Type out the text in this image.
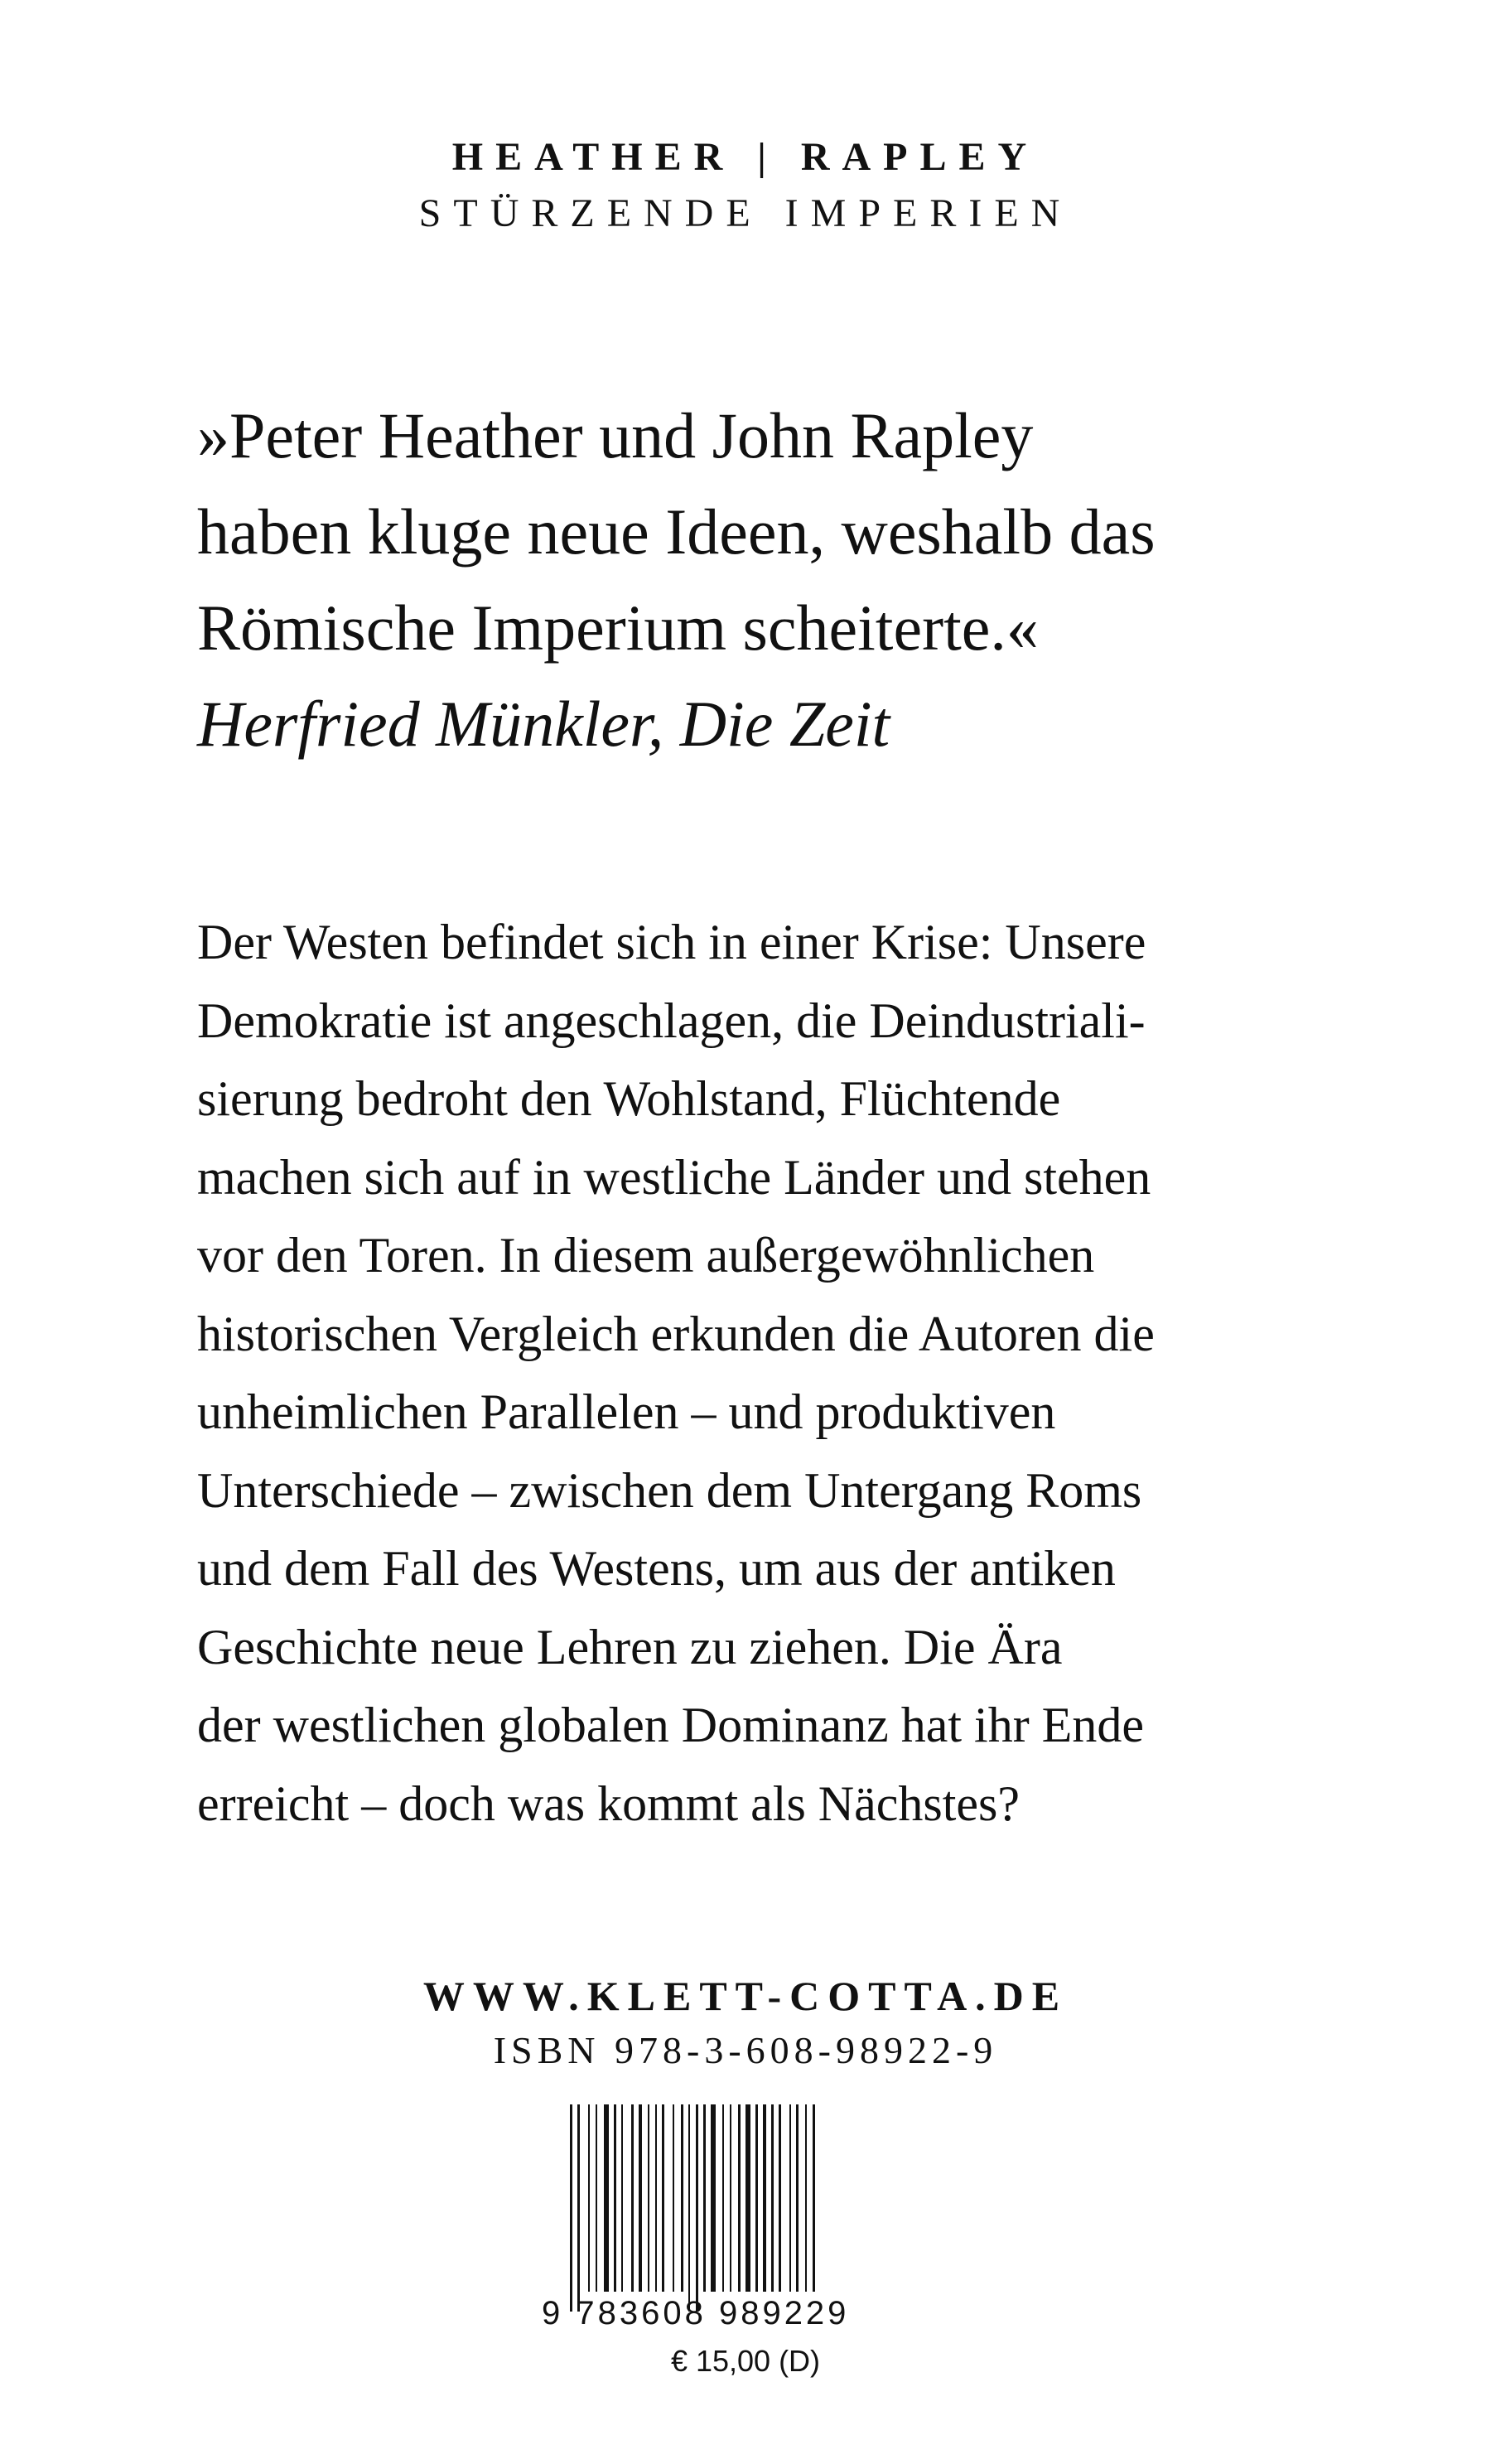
HEATHER | RAPLEY
STÜRZENDE IMPERIEN
»Peter Heather und John Rapley
haben kluge neue Ideen, weshalb das
Römische Imperium scheiterte.«
Herfried Münkler, Die Zeit
Der Westen befindet sich in einer Krise: Unsere
Demokratie ist angeschlagen, die Deindustriali-
sierung bedroht den Wohlstand, Flüchtende
machen sich auf in westliche Länder und stehen
vor den Toren. In diesem außergewöhnlichen
historischen Vergleich erkunden die Autoren die
unheimlichen Parallelen – und produktiven
Unterschiede – zwischen dem Untergang Roms
und dem Fall des Westens, um aus der antiken
Geschichte neue Lehren zu ziehen. Die Ära
der westlichen globalen Dominanz hat ihr Ende
erreicht – doch was kommt als Nächstes?
WWW.KLETT-COTTA.DE
ISBN 978-3-608-98922-9
9 783608 989229
€ 15,00 (D)
